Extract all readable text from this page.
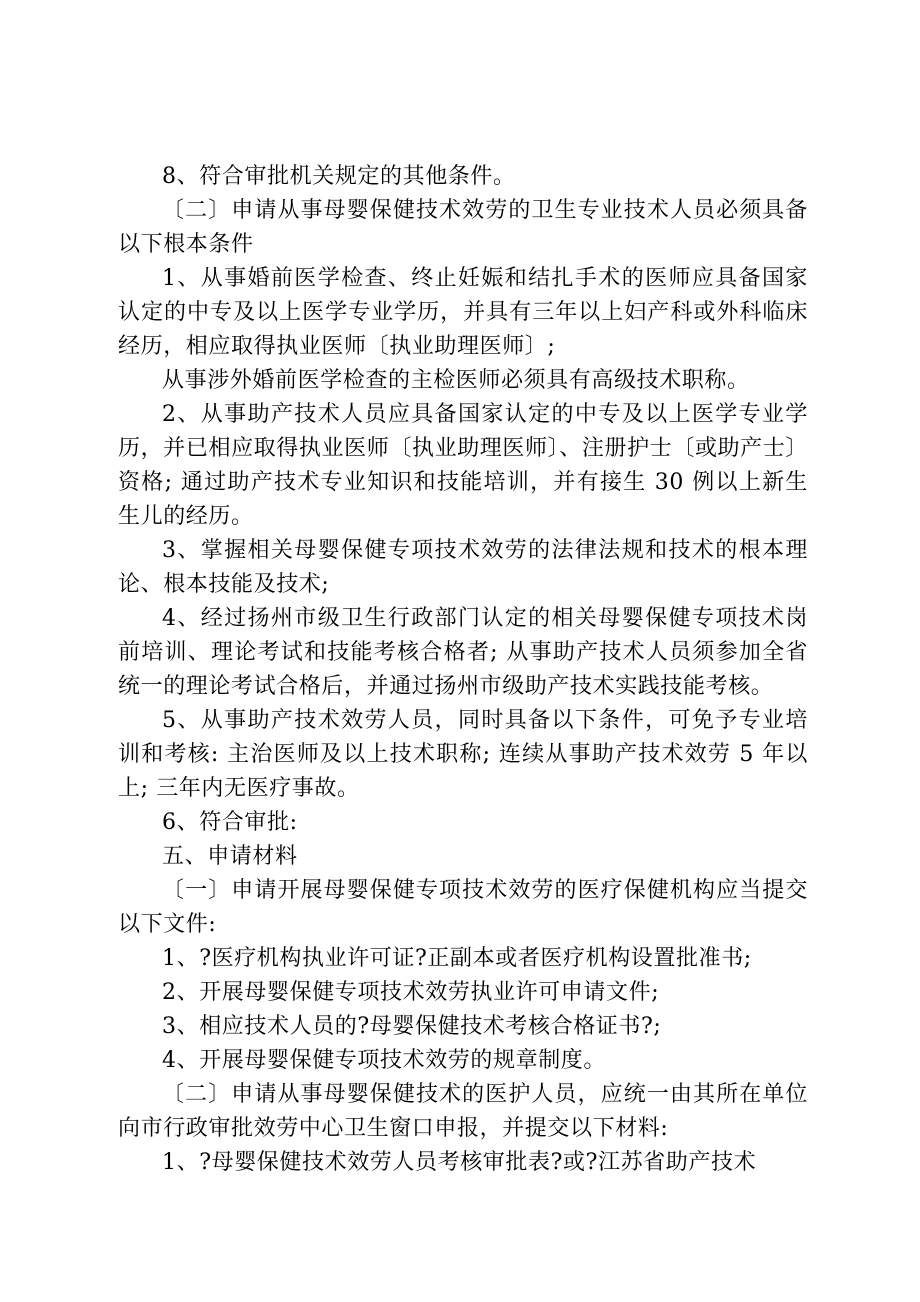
8、符合审批机关规定的其他条件。

〔二〕申请从事母婴保健技术效劳的卫生专业技术人员必须具备以下根本条件

1、从事婚前医学检查、终止妊娠和结扎手术的医师应具备国家认定的中专及以上医学专业学历，并具有三年以上妇产科或外科临床经历，相应取得执业医师〔执业助理医师〕;

从事涉外婚前医学检查的主检医师必须具有高级技术职称。

2、从事助产技术人员应具备国家认定的中专及以上医学专业学历，并已相应取得执业医师〔执业助理医师〕、注册护士〔或助产士〕资格; 通过助产技术专业知识和技能培训，并有接生 30 例以上新生生儿的经历。

3、掌握相关母婴保健专项技术效劳的法律法规和技术的根本理论、根本技能及技术;

4、经过扬州市级卫生行政部门认定的相关母婴保健专项技术岗前培训、理论考试和技能考核合格者; 从事助产技术人员须参加全省统一的理论考试合格后，并通过扬州市级助产技术实践技能考核。

5、从事助产技术效劳人员，同时具备以下条件，可免予专业培训和考核: 主治医师及以上技术职称; 连续从事助产技术效劳 5 年以上; 三年内无医疗事故。

6、符合审批:

五、申请材料

〔一〕申请开展母婴保健专项技术效劳的医疗保健机构应当提交以下文件:

1、?医疗机构执业许可证?正副本或者医疗机构设置批准书;

2、开展母婴保健专项技术效劳执业许可申请文件;

3、相应技术人员的?母婴保健技术考核合格证书?;

4、开展母婴保健专项技术效劳的规章制度。

〔二〕申请从事母婴保健技术的医护人员，应统一由其所在单位向市行政审批效劳中心卫生窗口申报，并提交以下材料:

1、?母婴保健技术效劳人员考核审批表?或?江苏省助产技术
